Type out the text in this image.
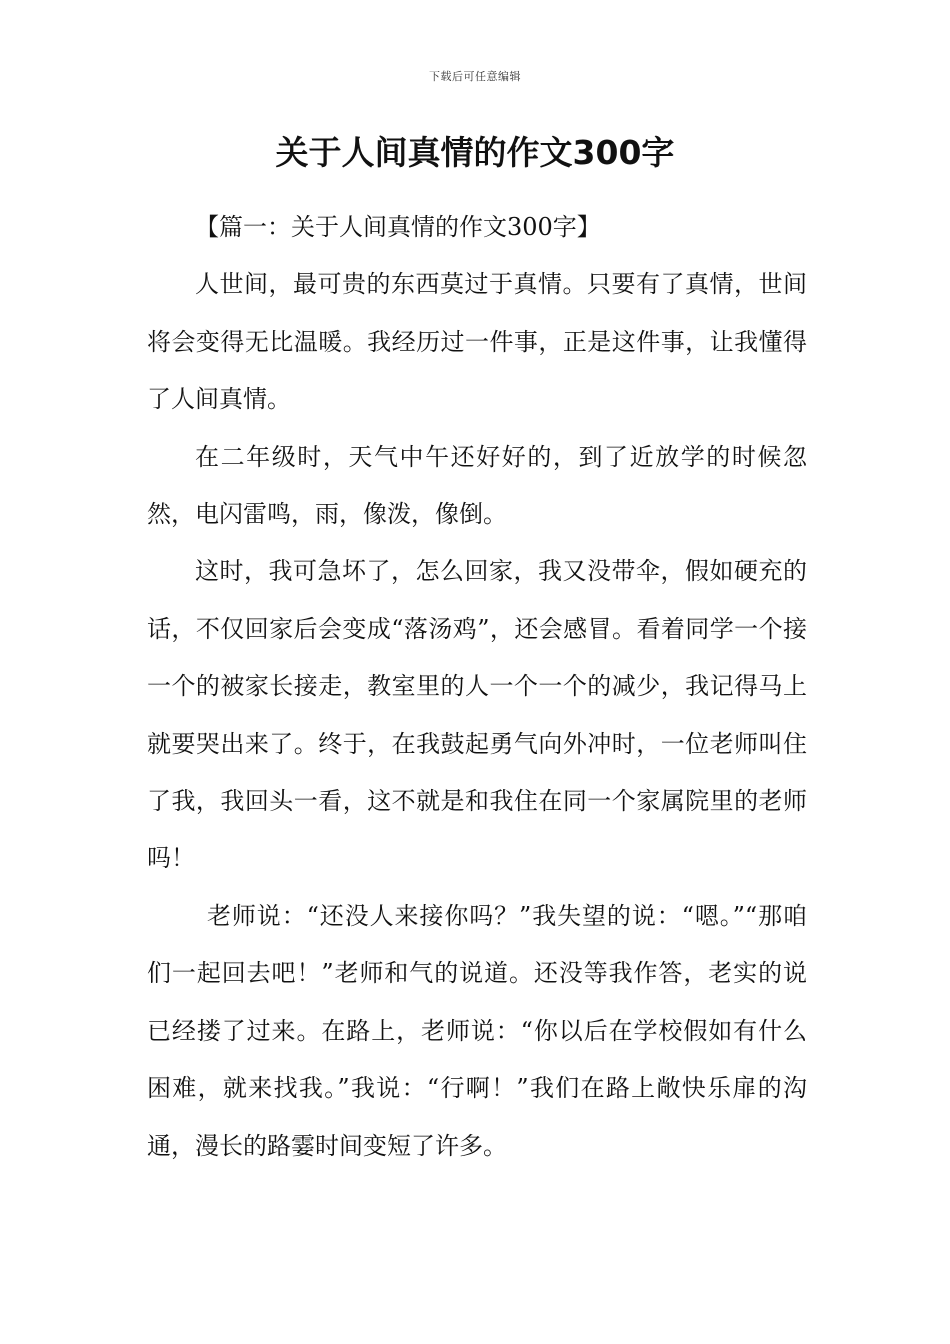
下载后可任意编辑
关于人间真情的作文300字

【篇一：关于人间真情的作文300字】

人世间，最可贵的东西莫过于真情。只要有了真情，世间将会变得无比温暖。我经历过一件事，正是这件事，让我懂得了人间真情。

在二年级时，天气中午还好好的，到了近放学的时候忽然，电闪雷鸣，雨，像泼，像倒。

这时，我可急坏了，怎么回家，我又没带伞，假如硬充的话，不仅回家后会变成“落汤鸡”，还会感冒。看着同学一个接一个的被家长接走，教室里的人一个一个的减少，我记得马上就要哭出来了。终于，在我鼓起勇气向外冲时，一位老师叫住了我，我回头一看，这不就是和我住在同一个家属院里的老师吗！

老师说：“还没人来接你吗？”我失望的说：“嗯。”“那咱们一起回去吧！”老师和气的说道。还没等我作答，老实的说已经搂了过来。在路上，老师说：“你以后在学校假如有什么困难，就来找我。”我说：“行啊！”我们在路上敞快乐扉的沟通，漫长的路霎时间变短了许多。
